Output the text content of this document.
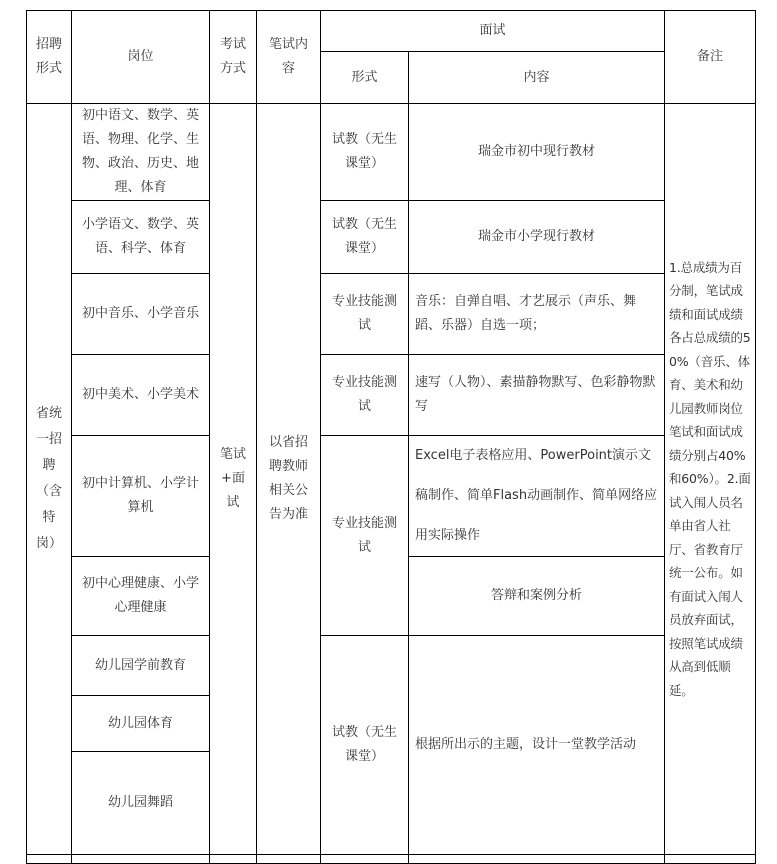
招聘形式
岗位
考试方式
笔试内容
面试
形式	内容
备注
省统一招聘（含特岗）
笔试+面试
以省招聘教师相关公告为准
1.总成绩为百分制，笔试成绩和面试成绩各占总成绩的50%（音乐、体育、美术和幼儿园教师岗位笔试和面试成绩分别占40%和60%）。2.面试入闱人员名单由省人社厅、省教育厅统一公布。如有面试入闱人员放弃面试，按照笔试成绩从高到低顺延。
初中语文、数学、英语、物理、化学、生物、政治、历史、地理、体育
小学语文、数学、英语、科学、体育
初中音乐、小学音乐
初中美术、小学美术
初中计算机、小学计算机
初中心理健康、小学
心理健康
幼儿园学前教育
幼儿园体育
幼儿园舞蹈
试教（无生课堂）
试教（无生课堂）
专业技能测试
专业技能测试
专业技能测试
试教（无生课堂）
瑞金市初中现行教材
瑞金市小学现行教材
音乐：自弹自唱、才艺展示（声乐、舞蹈、乐器）自选一项；
速写（人物）、素描静物默写、色彩静物默写
Excel电子表格应用、PowerPoint演示文稿制作、简单Flash动画制作、简单网络应用实际操作
答辩和案例分析
根据所出示的主题，设计一堂教学活动
